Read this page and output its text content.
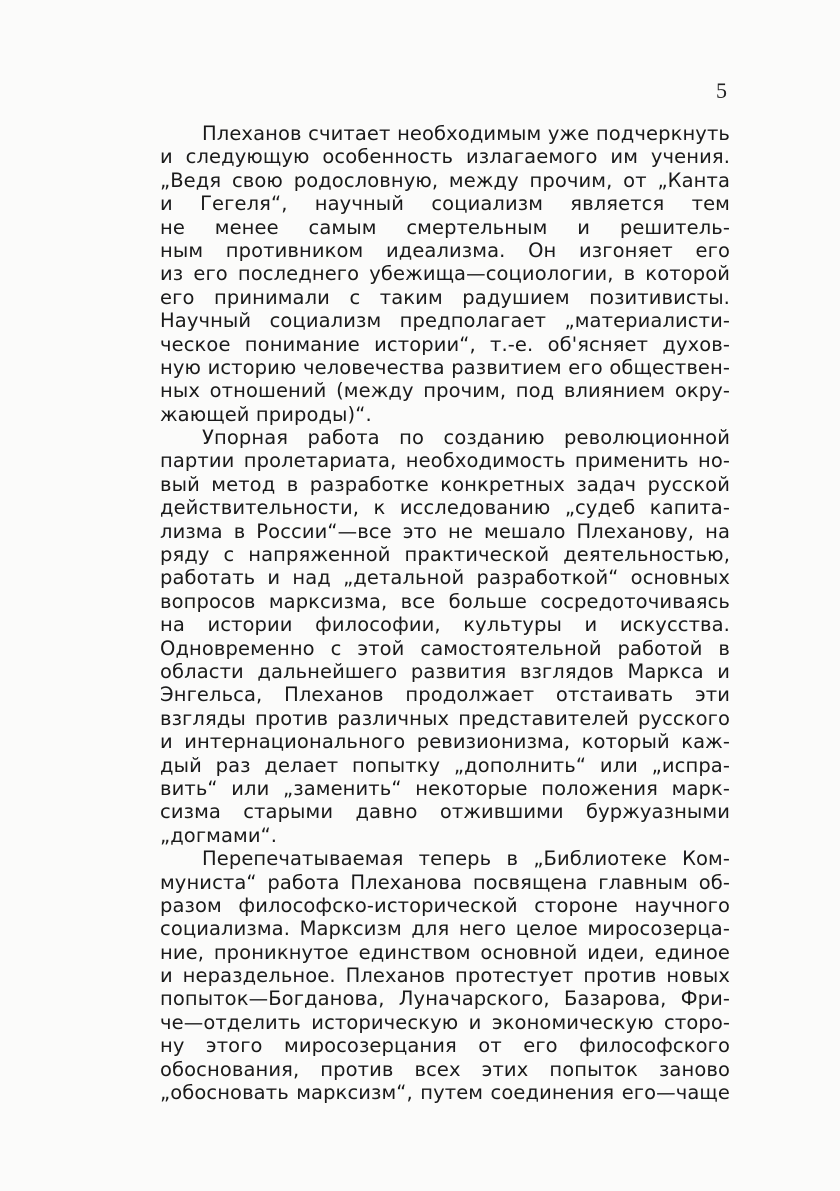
5
Плеханов считает необходимым уже подчеркнуть
и следующую особенность излагаемого им учения.
„Ведя свою родословную, между прочим, от „Канта
и Гегеля“, научный социализм является тем
не менее самым смертельным и решитель-
ным противником идеализма. Он изгоняет его
из его последнего убежища—социологии, в которой
его принимали с таким радушием позитивисты.
Научный социализм предполагает „материалисти-
ческое понимание истории“, т.-е. об'ясняет духов-
ную историю человечества развитием его обществен-
ных отношений (между прочим, под влиянием окру-
жающей природы)“.
Упорная работа по созданию революционной
партии пролетариата, необходимость применить но-
вый метод в разработке конкретных задач русской
действительности, к исследованию „судеб капита-
лизма в России“—все это не мешало Плеханову, на
ряду с напряженной практической деятельностью,
работать и над „детальной разработкой“ основных
вопросов марксизма, все больше сосредоточиваясь
на истории философии, культуры и искусства.
Одновременно с этой самостоятельной работой в
области дальнейшего развития взглядов Маркса и
Энгельса, Плеханов продолжает отстаивать эти
взгляды против различных представителей русского
и интернационального ревизионизма, который каж-
дый раз делает попытку „дополнить“ или „испра-
вить“ или „заменить“ некоторые положения марк-
сизма старыми давно отжившими буржуазными
„догмами“.
Перепечатываемая теперь в „Библиотеке Ком-
муниста“ работа Плеханова посвящена главным об-
разом философско-исторической стороне научного
социализма. Марксизм для него целое миросозерца-
ние, проникнутое единством основной идеи, единое
и нераздельное. Плеханов протестует против новых
попыток—Богданова, Луначарского, Базарова, Фри-
че—отделить историческую и экономическую сторо-
ну этого миросозерцания от его философского
обоснования, против всех этих попыток заново
„обосновать марксизм“, путем соединения его—чаще
